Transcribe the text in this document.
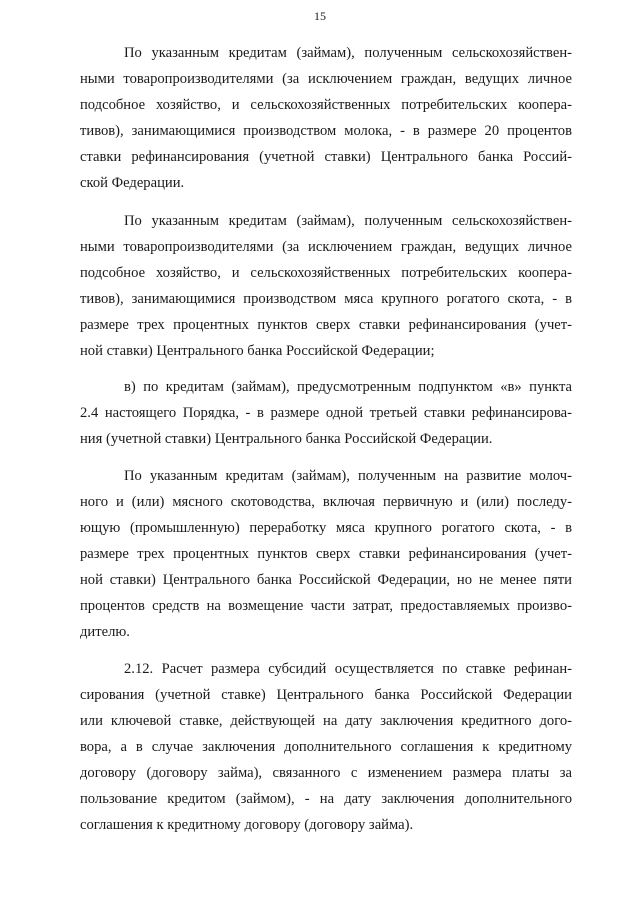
15

По указанным кредитам (займам), полученным сельскохозяйствен-
ными товаропроизводителями (за исключением граждан, ведущих личное
подсобное хозяйство, и сельскохозяйственных потребительских коопера-
тивов), занимающимися производством молока, - в размере 20 процентов
ставки рефинансирования (учетной ставки) Центрального банка Россий-
ской Федерации.

По указанным кредитам (займам), полученным сельскохозяйствен-
ными товаропроизводителями (за исключением граждан, ведущих личное
подсобное хозяйство, и сельскохозяйственных потребительских коопера-
тивов), занимающимися производством мяса крупного рогатого скота, - в
размере трех процентных пунктов сверх ставки рефинансирования (учет-
ной ставки) Центрального банка Российской Федерации;

в) по кредитам (займам), предусмотренным подпунктом «в» пункта
2.4 настоящего Порядка, - в размере одной третьей ставки рефинансирова-
ния (учетной ставки) Центрального банка Российской Федерации.

По указанным кредитам (займам), полученным на развитие молоч-
ного и (или) мясного скотоводства, включая первичную и (или) последу-
ющую (промышленную) переработку мяса крупного рогатого скота, - в
размере трех процентных пунктов сверх ставки рефинансирования (учет-
ной ставки) Центрального банка Российской Федерации, но не менее пяти
процентов средств на возмещение части затрат, предоставляемых произво-
дителю.

2.12. Расчет размера субсидий осуществляется по ставке рефинан-
сирования (учетной ставке) Центрального банка Российской Федерации
или ключевой ставке, действующей на дату заключения кредитного дого-
вора, а в случае заключения дополнительного соглашения к кредитному
договору (договору займа), связанного с изменением размера платы за
пользование кредитом (займом), - на дату заключения дополнительного
соглашения к кредитному договору (договору займа).
